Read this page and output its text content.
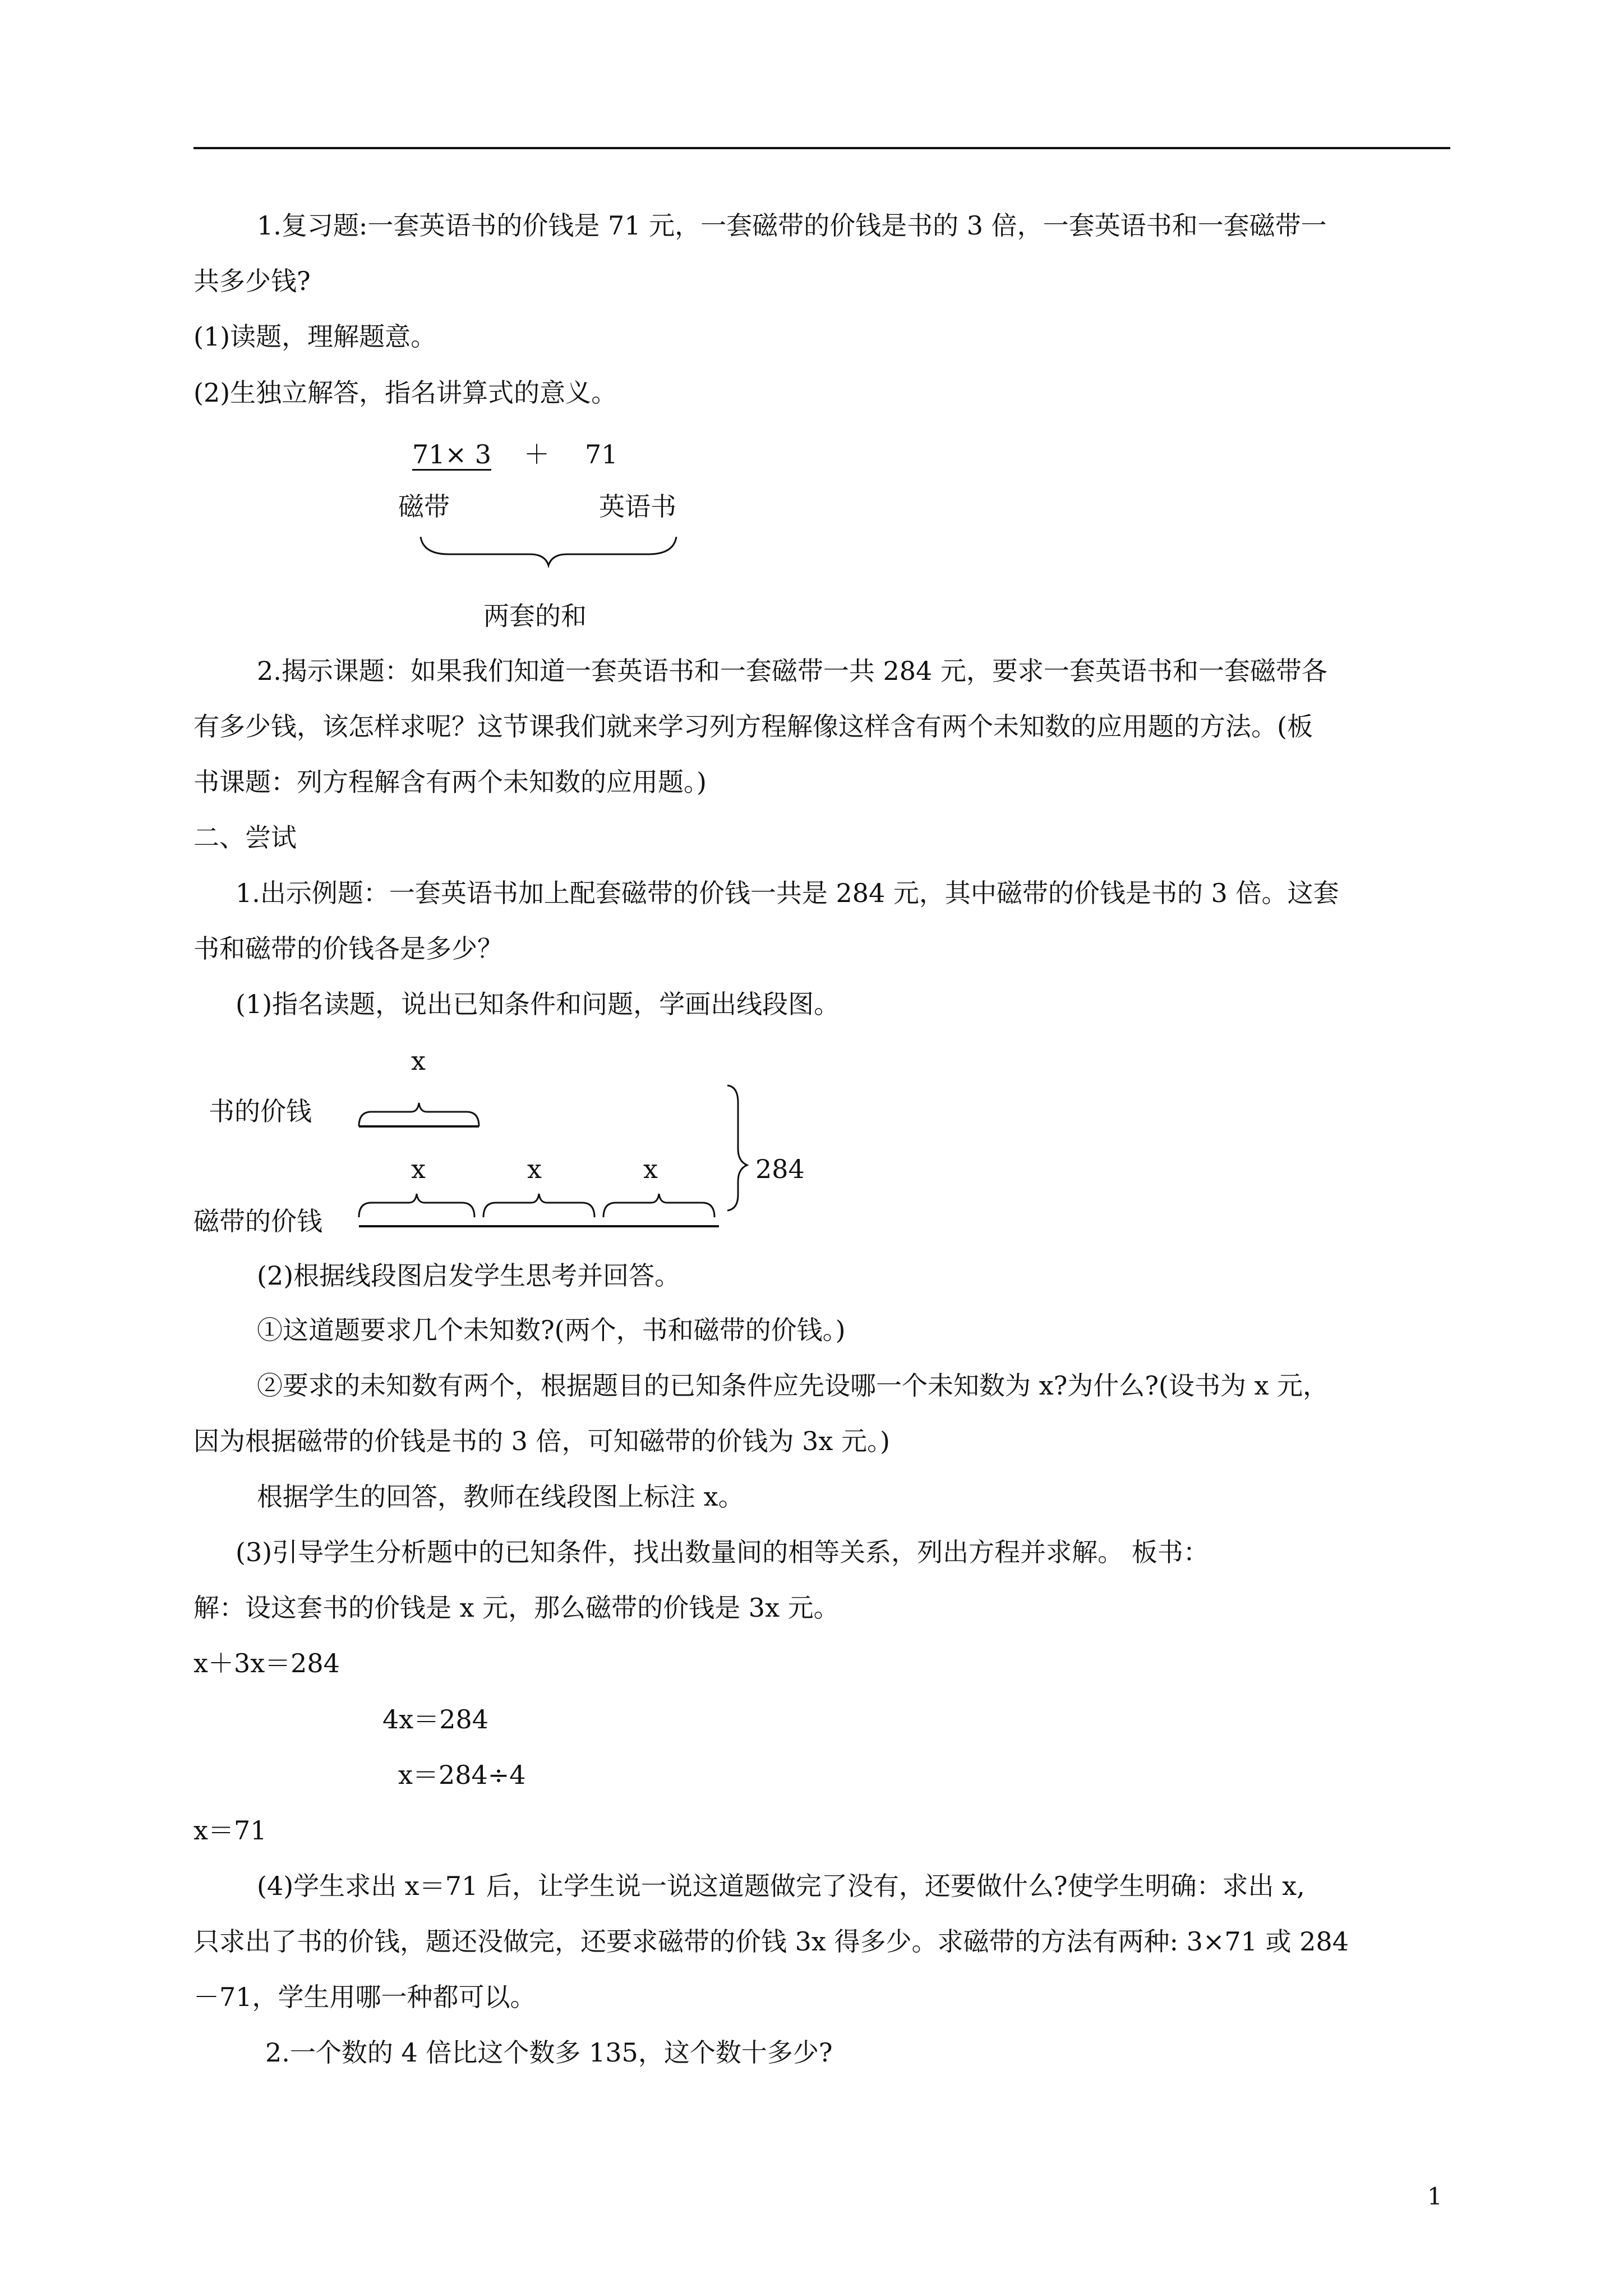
1.复习题:一套英语书的价钱是 71 元，一套磁带的价钱是书的 3 倍，一套英语书和一套磁带一

共多少钱?

(1)读题，理解题意。

(2)生独立解答，指名讲算式的意义。

71× 3 ＋ 71

磁带	英语书

两套的和

2.揭示课题：如果我们知道一套英语书和一套磁带一共 284 元，要求一套英语书和一套磁带各

有多少钱，该怎样求呢？这节课我们就来学习列方程解像这样含有两个未知数的应用题的方法。(板

书课题：列方程解含有两个未知数的应用题。)

二、尝试

1.出示例题：一套英语书加上配套磁带的价钱一共是 284 元，其中磁带的价钱是书的 3 倍。这套

书和磁带的价钱各是多少？

(1)指名读题，说出已知条件和问题，学画出线段图。

x

书的价钱

x	x	x	284

磁带的价钱

(2)根据线段图启发学生思考并回答。

①这道题要求几个未知数?(两个，书和磁带的价钱。)

②要求的未知数有两个，根据题目的已知条件应先设哪一个未知数为 x?为什么?(设书为 x 元，

因为根据磁带的价钱是书的 3 倍，可知磁带的价钱为 3x 元。)

根据学生的回答，教师在线段图上标注 x。

(3)引导学生分析题中的已知条件，找出数量间的相等关系，列出方程并求解。 板书：

解：设这套书的价钱是 x 元，那么磁带的价钱是 3x 元。

x＋3x＝284

4x＝284

x＝284÷4

x＝71

(4)学生求出 x＝71 后，让学生说一说这道题做完了没有，还要做什么?使学生明确：求出 x,

只求出了书的价钱，题还没做完，还要求磁带的价钱 3x 得多少。求磁带的方法有两种: 3×71 或 284

－71，学生用哪一种都可以。

2.一个数的 4 倍比这个数多 135，这个数十多少?

1
